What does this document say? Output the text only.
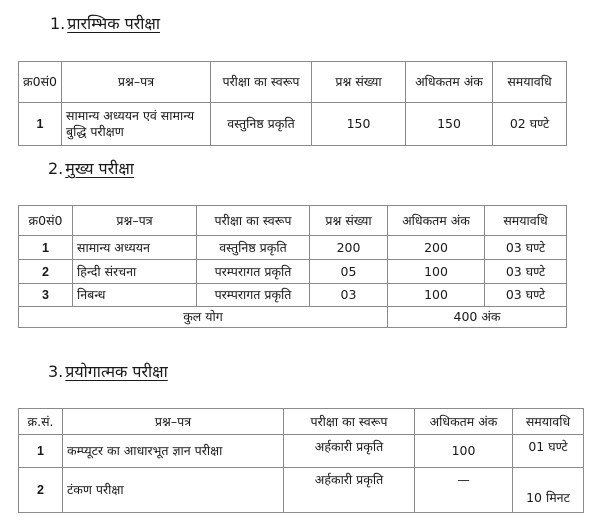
1. प्रारम्भिक परीक्षा
क्र0सं0	प्रश्न–पत्र	परीक्षा का स्वरूप	प्रश्न संख्या	अधिकतम अंक	समयावधि
1	सामान्य अध्ययन एवं सामान्य बुद्धि परीक्षण	वस्तुनिष्ठ प्रकृति	150	150	02 घण्टे
2. मुख्य परीक्षा
क्र0सं0	प्रश्न–पत्र	परीक्षा का स्वरूप	प्रश्न संख्या	अधिकतम अंक	समयावधि
1	सामान्य अध्ययन	वस्तुनिष्ठ प्रकृति	200	200	03 घण्टे
2	हिन्दी संरचना	परम्परागत प्रकृति	05	100	03 घण्टे
3	निबन्ध	परम्परागत प्रकृति	03	100	03 घण्टे
कुल योग				400 अंक	
3. प्रयोगात्मक परीक्षा
क्र.सं.	प्रश्न–पत्र	परीक्षा का स्वरूप	अधिकतम अंक	समयावधि
1	कम्प्यूटर का आधारभूत ज्ञान परीक्षा	अर्हकारी प्रकृति	100	01 घण्टे
2	टंकण परीक्षा	अर्हकारी प्रकृति	—	10 मिनट
